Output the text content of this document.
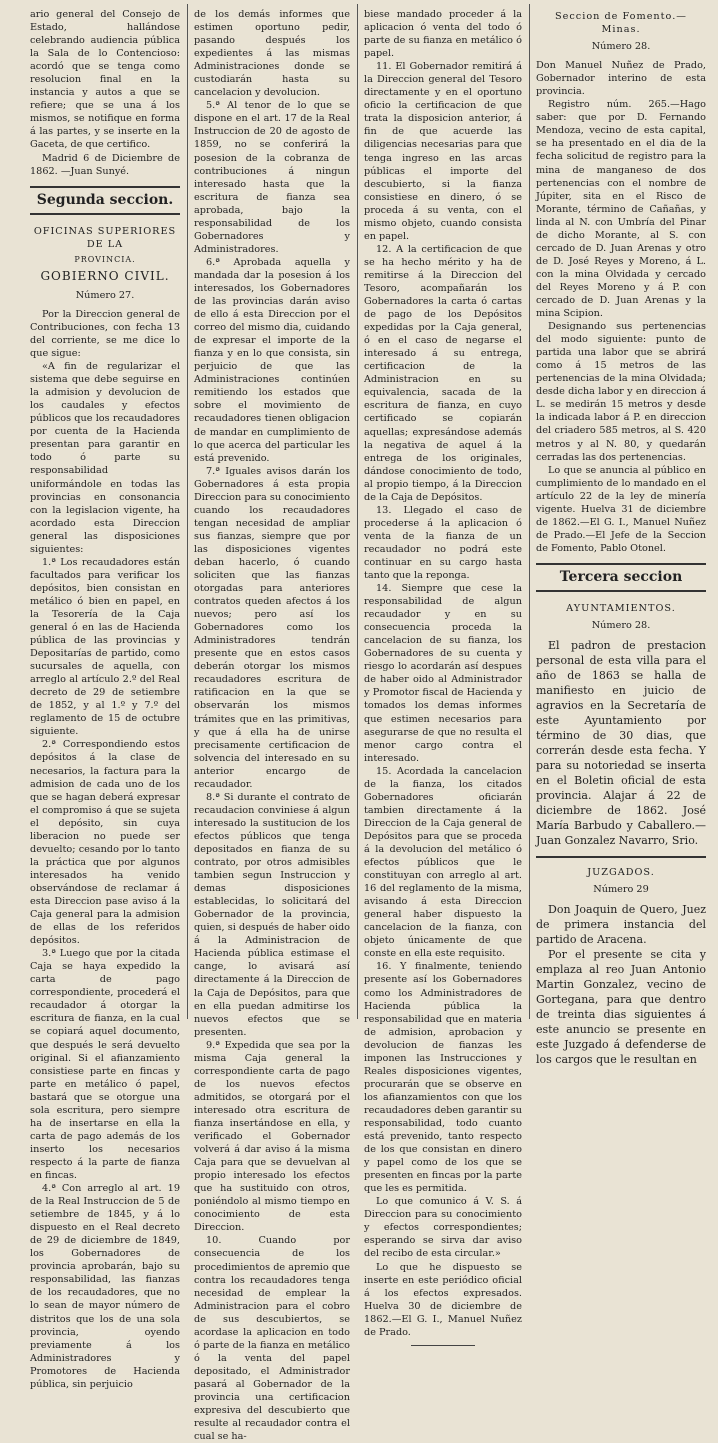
ario general del Consejo de Estado, hallándose celebrando audiencia pública la Sala de lo Contencioso: acordó que se tenga como resolucion final en la instancia y autos a que se refiere; que se una á los mismos, se notifique en forma á las partes, y se inserte en la Gaceta, de que certifico.

Madrid 6 de Diciembre de 1862. —Juan Sunyé.

Segunda seccion.
OFICINAS SUPERIORES DE LA
PROVINCIA.
GOBIERNO CIVIL.
Número 27.

Por la Direccion general de Contribuciones, con fecha 13 del corriente, se me dice lo que sigue:

«A fin de regularizar el sistema que debe seguirse en la admision y devolucion de los caudales y efectos públicos que los recaudadores por cuenta de la Hacienda presentan para garantir en todo ó parte su responsabilidad uniformándole en todas las provincias en consonancia con la legislacion vigente, ha acordado esta Direccion general las disposiciones siguientes:

1.ª Los recaudadores están facultados para verificar los depósitos, bien consistan en metálico ó bien en papel, en la Tesorería de la Caja general ó en las de Hacienda pública de las provincias y Depositarías de partido, como sucursales de aquella, con arreglo al artículo 2.º del Real decreto de 29 de setiembre de 1852, y al 1.º y 7.º del reglamento de 15 de octubre siguiente.

2.ª Correspondiendo estos depósitos á la clase de necesarios, la factura para la admision de cada uno de los que se hagan deberá expresar el compromiso á que se sujeta el depósito, sin cuya liberacion no puede ser devuelto; cesando por lo tanto la práctica que por algunos interesados ha venido observándose de reclamar á esta Direccion pase aviso á la Caja general para la admision de ellas de los referidos depósitos.

3.ª Luego que por la citada Caja se haya expedido la carta de pago correspondiente, procederá el recaudador á otorgar la escritura de fianza, en la cual se copiará aquel documento, que después le será devuelto original. Si el afianzamiento consistiese parte en fincas y parte en metálico ó papel, bastará que se otorgue una sola escritura, pero siempre ha de insertarse en ella la carta de pago además de los inserto los necesarios respecto á la parte de fianza en fincas.

4.ª Con arreglo al art. 19 de la Real Instruccion de 5 de setiembre de 1845, y á lo dispuesto en el Real decreto de 29 de diciembre de 1849, los Gobernadores de provincia aprobarán, bajo su responsabilidad, las fianzas de los recaudadores, que no lo sean de mayor número de distritos que los de una sola provincia, oyendo previamente á los Administradores y Promotores de Hacienda pública, sin perjuicio

de los demás informes que estimen oportuno pedir, pasando después los expedientes á las mismas Administraciones donde se custodiarán hasta su cancelacion y devolucion.

5.ª Al tenor de lo que se dispone en el art. 17 de la Real Instruccion de 20 de agosto de 1859, no se conferirá la posesion de la cobranza de contribuciones á ningun interesado hasta que la escritura de fianza sea aprobada, bajo la responsabilidad de los Gobernadores y Administradores.

6.ª Aprobada aquella y mandada dar la posesion á los interesados, los Gobernadores de las provincias darán aviso de ello á esta Direccion por el correo del mismo dia, cuidando de expresar el importe de la fianza y en lo que consista, sin perjuicio de que las Administraciones continúen remitiendo los estados que sobre el movimiento de recaudadores tienen obligacion de mandar en cumplimiento de lo que acerca del particular les está prevenido.

7.ª Iguales avisos darán los Gobernadores á esta propia Direccion para su conocimiento cuando los recaudadores tengan necesidad de ampliar sus fianzas, siempre que por las disposiciones vigentes deban hacerlo, ó cuando soliciten que las fianzas otorgadas para anteriores contratos queden afectos á los nuevos; pero así los Gobernadores como los Administradores tendrán presente que en estos casos deberán otorgar los mismos recaudadores escritura de ratificacion en la que se observarán los mismos trámites que en las primitivas, y que á ella ha de unirse precisamente certificacion de solvencia del interesado en su anterior encargo de recaudador.

8.ª Si durante el contrato de recaudacion conviniese á algun interesado la sustitucion de los efectos públicos que tenga depositados en fianza de su contrato, por otros admisibles tambien segun Instruccion y demas disposiciones establecidas, lo solicitará del Gobernador de la provincia, quien, si después de haber oido á la Administracion de Hacienda pública estimase el cange, lo avisará así directamente á la Direccion de la Caja de Depósitos, para que en ella puedan admitirse los nuevos efectos que se presenten.

9.ª Expedida que sea por la misma Caja general la correspondiente carta de pago de los nuevos efectos admitidos, se otorgará por el interesado otra escritura de fianza insertándose en ella, y verificado el Gobernador volverá á dar aviso á la misma Caja para que se devuelvan al propio interesado los efectos que ha sustituido con otros, poniéndolo al mismo tiempo en conocimiento de esta Direccion.

10. Cuando por consecuencia de los procedimientos de apremio que contra los recaudadores tenga necesidad de emplear la Administracion para el cobro de sus descubiertos, se acordase la aplicacion en todo ó parte de la fianza en metálico ó la venta del papel depositado, el Administrador pasará al Gobernador de la provincia una certificacion expresiva del descubierto que resulte al recaudador contra el cual se ha-

biese mandado proceder á la aplicacion ó venta del todo ó parte de su fianza en metálico ó papel.

11. El Gobernador remitirá á la Direccion general del Tesoro directamente y en el oportuno oficio la certificacion de que trata la disposicion anterior, á fin de que acuerde las diligencias necesarias para que tenga ingreso en las arcas públicas el importe del descubierto, si la fianza consistiese en dinero, ó se proceda á su venta, con el mismo objeto, cuando consista en papel.

12. A la certificacion de que se ha hecho mérito y ha de remitirse á la Direccion del Tesoro, acompañarán los Gobernadores la carta ó cartas de pago de los Depósitos expedidas por la Caja general, ó en el caso de negarse el interesado á su entrega, certificacion de la Administracion en su equivalencia, sacada de la escritura de fianza, en cuyo certificado se copiarán aquellas; expresándose además la negativa de aquel á la entrega de los originales, dándose conocimiento de todo, al propio tiempo, á la Direccion de la Caja de Depósitos.

13. Llegado el caso de procederse á la aplicacion ó venta de la fianza de un recaudador no podrá este continuar en su cargo hasta tanto que la reponga.

14. Siempre que cese la responsabilidad de algun recaudador y en su consecuencia proceda la cancelacion de su fianza, los Gobernadores de su cuenta y riesgo lo acordarán así despues de haber oido al Administrador y Promotor fiscal de Hacienda y tomados los demas informes que estimen necesarios para asegurarse de que no resulta el menor cargo contra el interesado.

15. Acordada la cancelacion de la fianza, los citados Gobernadores oficiarán tambien directamente á la Direccion de la Caja general de Depósitos para que se proceda á la devolucion del metálico ó efectos públicos que le constituyan con arreglo al art. 16 del reglamento de la misma, avisando á esta Direccion general haber dispuesto la cancelacion de la fianza, con objeto únicamente de que conste en ella este requisito.

16. Y finalmente, teniendo presente así los Gobernadores como los Administradores de Hacienda pública la responsabilidad que en materia de admision, aprobacion y devolucion de fianzas les imponen las Instrucciones y Reales disposiciones vigentes, procurarán que se observe en los afianzamientos con que los recaudadores deben garantir su responsabilidad, todo cuanto está prevenido, tanto respecto de los que consistan en dinero y papel como de los que se presenten en fincas por la parte que les es permitida.

Lo que comunico á V. S. á Direccion para su conocimiento y efectos correspondientes; esperando se sirva dar aviso del recibo de esta circular.»

Lo que he dispuesto se inserte en este periódico oficial á los efectos expresados. Huelva 30 de diciembre de 1862.—El G. I., Manuel Nuñez de Prado.

Seccion de Fomento.—Minas.
Número 28.

Don Manuel Nuñez de Prado, Gobernador interino de esta provincia.

Registro núm. 265.—Hago saber: que por D. Fernando Mendoza, vecino de esta capital, se ha presentado en el dia de la fecha solicitud de registro para la mina de manganeso de dos pertenencias con el nombre de Júpiter, sita en el Risco de Morante, término de Cañañas, y linda al N. con Umbría del Pinar de dicho Morante, al S. con cercado de D. Juan Arenas y otro de D. José Reyes y Moreno, á L. con la mina Olvidada y cercado del Reyes Moreno y á P. con cercado de D. Juan Arenas y la mina Scipion.

Designando sus pertenencias del modo siguiente: punto de partida una labor que se abrirá como á 15 metros de las pertenencias de la mina Olvidada; desde dicha labor y en direccion á L. se medirán 15 metros y desde la indicada labor á P. en direccion del criadero 585 metros, al S. 420 metros y al N. 80, y quedarán cerradas las dos pertenencias.

Lo que se anuncia al público en cumplimiento de lo mandado en el artículo 22 de la ley de minería vigente. Huelva 31 de diciembre de 1862.—El G. I., Manuel Nuñez de Prado.—El Jefe de la Seccion de Fomento, Pablo Otonel.

Tercera seccion
AYUNTAMIENTOS.
Número 28.

El padron de prestacion personal de esta villa para el año de 1863 se halla de manifiesto en juicio de agravios en la Secretaría de este Ayuntamiento por término de 30 dias, que correrán desde esta fecha. Y para su notoriedad se inserta en el Boletin oficial de esta provincia. Alajar á 22 de diciembre de 1862. José María Barbudo y Caballero.—Juan Gonzalez Navarro, Srio.

JUZGADOS.
Número 29

Don Joaquin de Quero, Juez de primera instancia del partido de Aracena.

Por el presente se cita y emplaza al reo Juan Antonio Martin Gonzalez, vecino de Gortegana, para que dentro de treinta dias siguientes á este anuncio se presente en este Juzgado á defenderse de los cargos que le resultan en
